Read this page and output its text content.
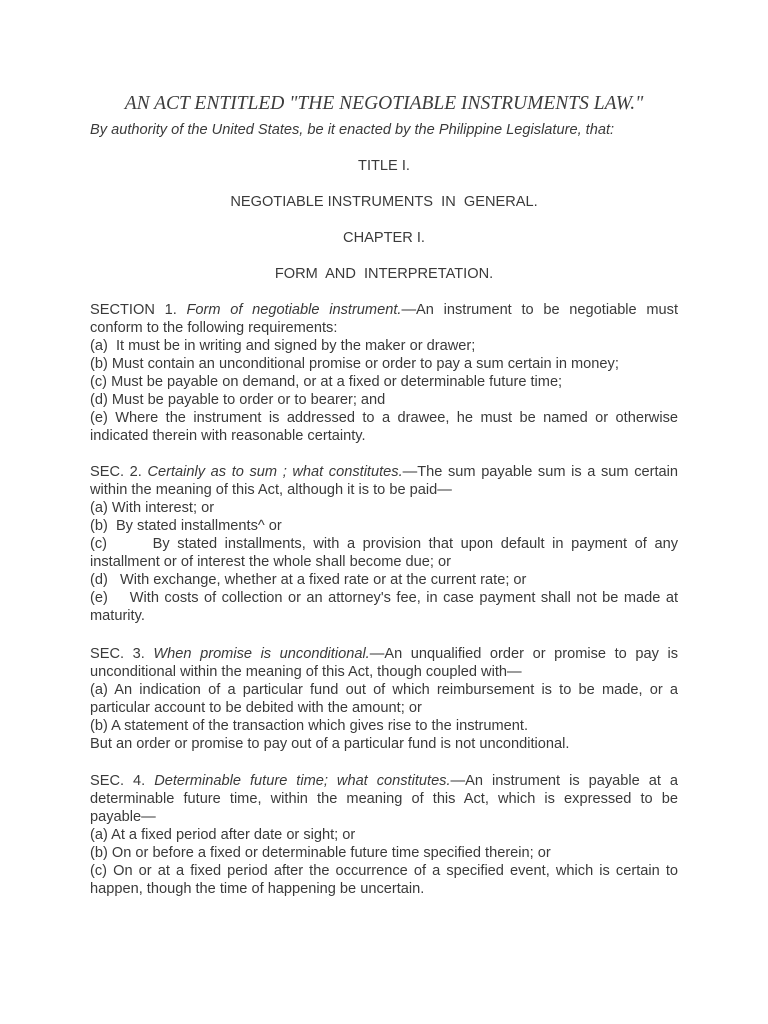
AN ACT ENTITLED "THE NEGOTIABLE INSTRUMENTS LAW."
By authority of the United States, be it enacted by the Philippine Legislature, that:
TITLE I.
NEGOTIABLE INSTRUMENTS  IN  GENERAL.
CHAPTER I.
FORM  AND  INTERPRETATION.
SECTION 1. Form of negotiable instrument.—An instrument to be negotiable must
conform to the following requirements:
(a)  It must be in writing and signed by the maker or drawer;
(b) Must contain an unconditional promise or order to pay a sum certain in money;
(c) Must be payable on demand, or at a fixed or determinable future time;
(d) Must be payable to order or to bearer; and
(e) Where the instrument is addressed to a drawee, he must be named or otherwise
indicated therein with reasonable certainty.
SEC. 2. Certainly as to sum ; what constitutes.—The sum payable sum is a sum certain
within the meaning of this Act, although it is to be paid—
(a) With interest; or
(b)  By stated installments^ or
(c)      By stated installments, with a provision that upon default in payment of any
installment or of interest the whole shall become due; or
(d)   With exchange, whether at a fixed rate or at the current rate; or
(e)    With costs of collection or an attorney's fee, in case payment shall not be made at
maturity.
SEC. 3. When promise is unconditional.—An unqualified order or promise to pay is
unconditional within the meaning of this Act, though coupled with—
(a) An indication of a particular fund out of which reimbursement is to be made, or a
particular account to be debited with the amount; or
(b) A statement of the transaction which gives rise to the instrument.
But an order or promise to pay out of a particular fund is not unconditional.
SEC. 4. Determinable future time; what constitutes.—An instrument is payable at a
determinable future time, within the meaning of this Act, which is expressed to be
payable—
(a) At a fixed period after date or sight; or
(b) On or before a fixed or determinable future time specified therein; or
(c) On or at a fixed period after the occurrence of a specified event, which is certain to
happen, though the time of happening be uncertain.
